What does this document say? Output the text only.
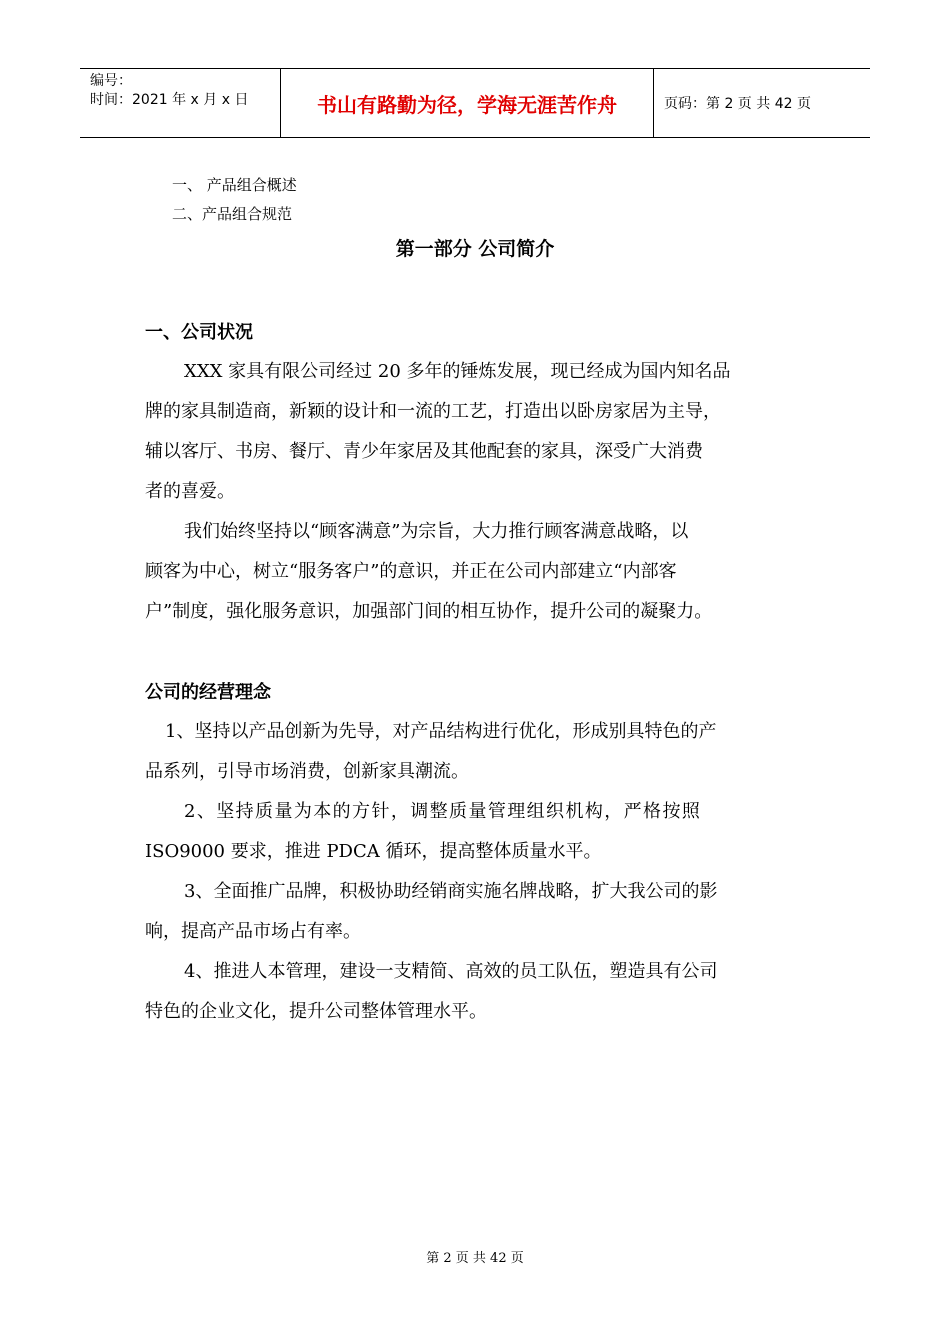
编号：
时间：2021 年 x 月 x 日	书山有路勤为径，学海无涯苦作舟	页码：第 2 页 共 42 页
一、 产品组合概述
二、产品组合规范
第一部分 公司简介
一、公司状况
XXX 家具有限公司经过 20 多年的锤炼发展，现已经成为国内知名品
牌的家具制造商，新颖的设计和一流的工艺，打造出以卧房家居为主导，
辅以客厅、书房、餐厅、青少年家居及其他配套的家具，深受广大消费
者的喜爱。
我们始终坚持以“顾客满意”为宗旨，大力推行顾客满意战略，以
顾客为中心，树立“服务客户”的意识，并正在公司内部建立“内部客
户”制度，强化服务意识，加强部门间的相互协作，提升公司的凝聚力。
公司的经营理念
1、坚持以产品创新为先导，对产品结构进行优化，形成别具特色的产
品系列，引导市场消费，创新家具潮流。
2、坚持质量为本的方针，调整质量管理组织机构，严格按照
ISO9000 要求，推进 PDCA 循环，提高整体质量水平。
3、全面推广品牌，积极协助经销商实施名牌战略，扩大我公司的影
响，提高产品市场占有率。
4、推进人本管理，建设一支精简、高效的员工队伍，塑造具有公司
特色的企业文化，提升公司整体管理水平。
第 2 页 共 42 页
